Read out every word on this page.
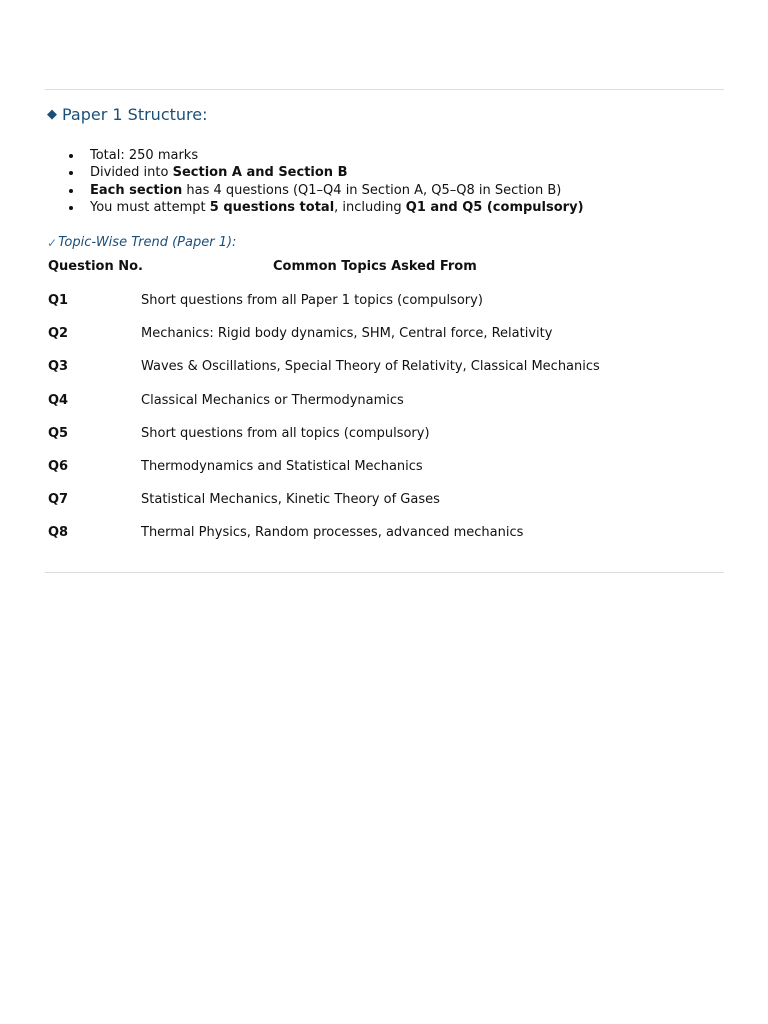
◆ Paper 1 Structure:
Total: 250 marks
Divided into Section A and Section B
Each section has 4 questions (Q1–Q4 in Section A, Q5–Q8 in Section B)
You must attempt 5 questions total, including Q1 and Q5 (compulsory)
✓ Topic-Wise Trend (Paper 1):
Question No.	Common Topics Asked From
Q1	Short questions from all Paper 1 topics (compulsory)
Q2	Mechanics: Rigid body dynamics, SHM, Central force, Relativity
Q3	Waves & Oscillations, Special Theory of Relativity, Classical Mechanics
Q4	Classical Mechanics or Thermodynamics
Q5	Short questions from all topics (compulsory)
Q6	Thermodynamics and Statistical Mechanics
Q7	Statistical Mechanics, Kinetic Theory of Gases
Q8	Thermal Physics, Random processes, advanced mechanics
